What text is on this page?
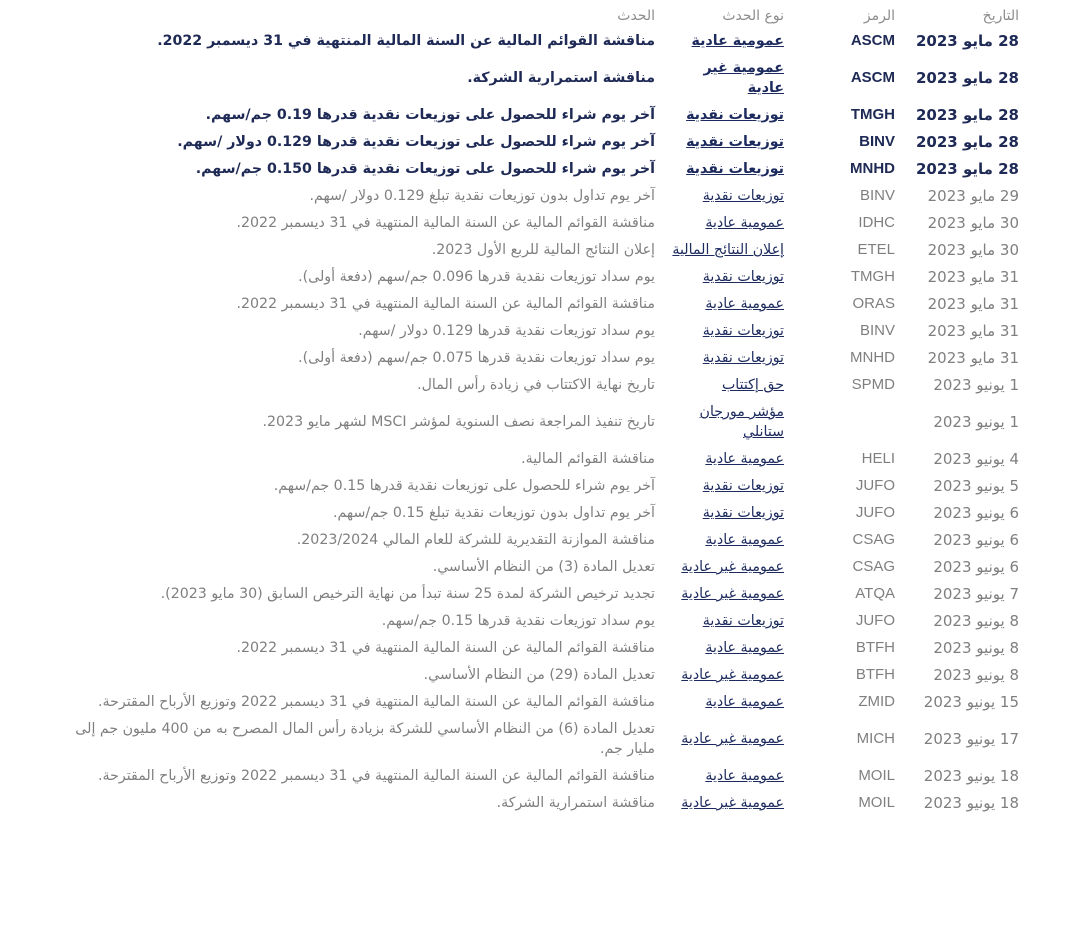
التاريخ	الرمز	نوع الحدث	الحدث
28 مايو 2023	ASCM	عمومية عادية	مناقشة القوائم المالية عن السنة المالية المنتهية في 31 ديسمبر 2022.
28 مايو 2023	ASCM	عمومية غير عادية	مناقشة استمرارية الشركة.
28 مايو 2023	TMGH	توزيعات نقدية	آخر يوم شراء للحصول على توزيعات نقدية قدرها 0.19 جم/سهم.
28 مايو 2023	BINV	توزيعات نقدية	آخر يوم شراء للحصول على توزيعات نقدية قدرها 0.129 دولار /سهم.
28 مايو 2023	MNHD	توزيعات نقدية	آخر يوم شراء للحصول على توزيعات نقدية قدرها 0.150 جم/سهم.
29 مايو 2023	BINV	توزيعات نقدية	آخر يوم تداول بدون توزيعات نقدية تبلغ 0.129 دولار /سهم.
30 مايو 2023	IDHC	عمومية عادية	مناقشة القوائم المالية عن السنة المالية المنتهية في 31 ديسمبر 2022.
30 مايو 2023	ETEL	إعلان النتائج المالية	إعلان النتائج المالية للربع الأول 2023.
31 مايو 2023	TMGH	توزيعات نقدية	يوم سداد توزيعات نقدية قدرها 0.096 جم/سهم (دفعة أولى).
31 مايو 2023	ORAS	عمومية عادية	مناقشة القوائم المالية عن السنة المالية المنتهية في 31 ديسمبر 2022.
31 مايو 2023	BINV	توزيعات نقدية	يوم سداد توزيعات نقدية قدرها 0.129 دولار /سهم.
31 مايو 2023	MNHD	توزيعات نقدية	يوم سداد توزيعات نقدية قدرها 0.075 جم/سهم (دفعة أولى).
1 يونيو 2023	SPMD	حق إكتتاب	تاريخ نهاية الاكتتاب في زيادة رأس المال.
1 يونيو 2023		مؤشر مورجان ستانلي	تاريخ تنفيذ المراجعة نصف السنوية لمؤشر MSCI لشهر مايو 2023.
4 يونيو 2023	HELI	عمومية عادية	مناقشة القوائم المالية.
5 يونيو 2023	JUFO	توزيعات نقدية	آخر يوم شراء للحصول على توزيعات نقدية قدرها 0.15 جم/سهم.
6 يونيو 2023	JUFO	توزيعات نقدية	آخر يوم تداول بدون توزيعات نقدية تبلغ 0.15 جم/سهم.
6 يونيو 2023	CSAG	عمومية عادية	مناقشة الموازنة التقديرية للشركة للعام المالي 2023/2024.
6 يونيو 2023	CSAG	عمومية غير عادية	تعديل المادة (3) من النظام الأساسي.
7 يونيو 2023	ATQA	عمومية غير عادية	تجديد ترخيص الشركة لمدة 25 سنة تبدأ من نهاية الترخيص السابق (30 مايو 2023).
8 يونيو 2023	JUFO	توزيعات نقدية	يوم سداد توزيعات نقدية قدرها 0.15 جم/سهم.
8 يونيو 2023	BTFH	عمومية عادية	مناقشة القوائم المالية عن السنة المالية المنتهية في 31 ديسمبر 2022.
8 يونيو 2023	BTFH	عمومية غير عادية	تعديل المادة (29) من النظام الأساسي.
15 يونيو 2023	ZMID	عمومية عادية	مناقشة القوائم المالية عن السنة المالية المنتهية في 31 ديسمبر 2022 وتوزيع الأرباح المقترحة.
17 يونيو 2023	MICH	عمومية غير عادية	تعديل المادة (6) من النظام الأساسي للشركة بزيادة رأس المال المصرح به من 400 مليون جم إلى مليار جم.
18 يونيو 2023	MOIL	عمومية عادية	مناقشة القوائم المالية عن السنة المالية المنتهية في 31 ديسمبر 2022 وتوزيع الأرباح المقترحة.
18 يونيو 2023	MOIL	عمومية غير عادية	مناقشة استمرارية الشركة.
